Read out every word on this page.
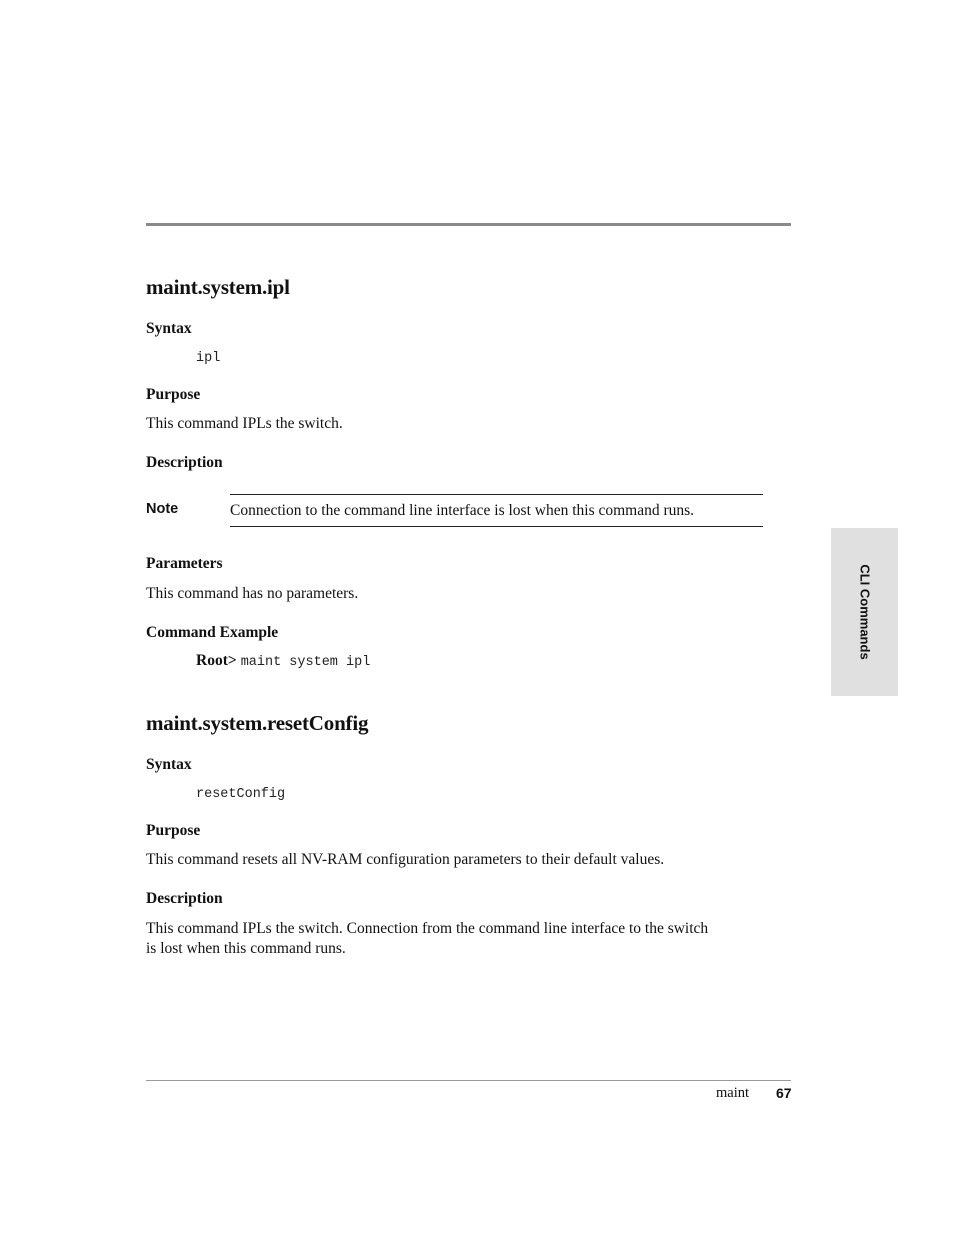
maint.system.ipl
Syntax
ipl
Purpose
This command IPLs the switch.
Description
Note	Connection to the command line interface is lost when this command runs.
Parameters
This command has no parameters.
Command Example
Root> maint system ipl
maint.system.resetConfig
Syntax
resetConfig
Purpose
This command resets all NV-RAM configuration parameters to their default values.
Description
This command IPLs the switch. Connection from the command line interface to the switch
is lost when this command runs.
CLI Commands
maint 67
